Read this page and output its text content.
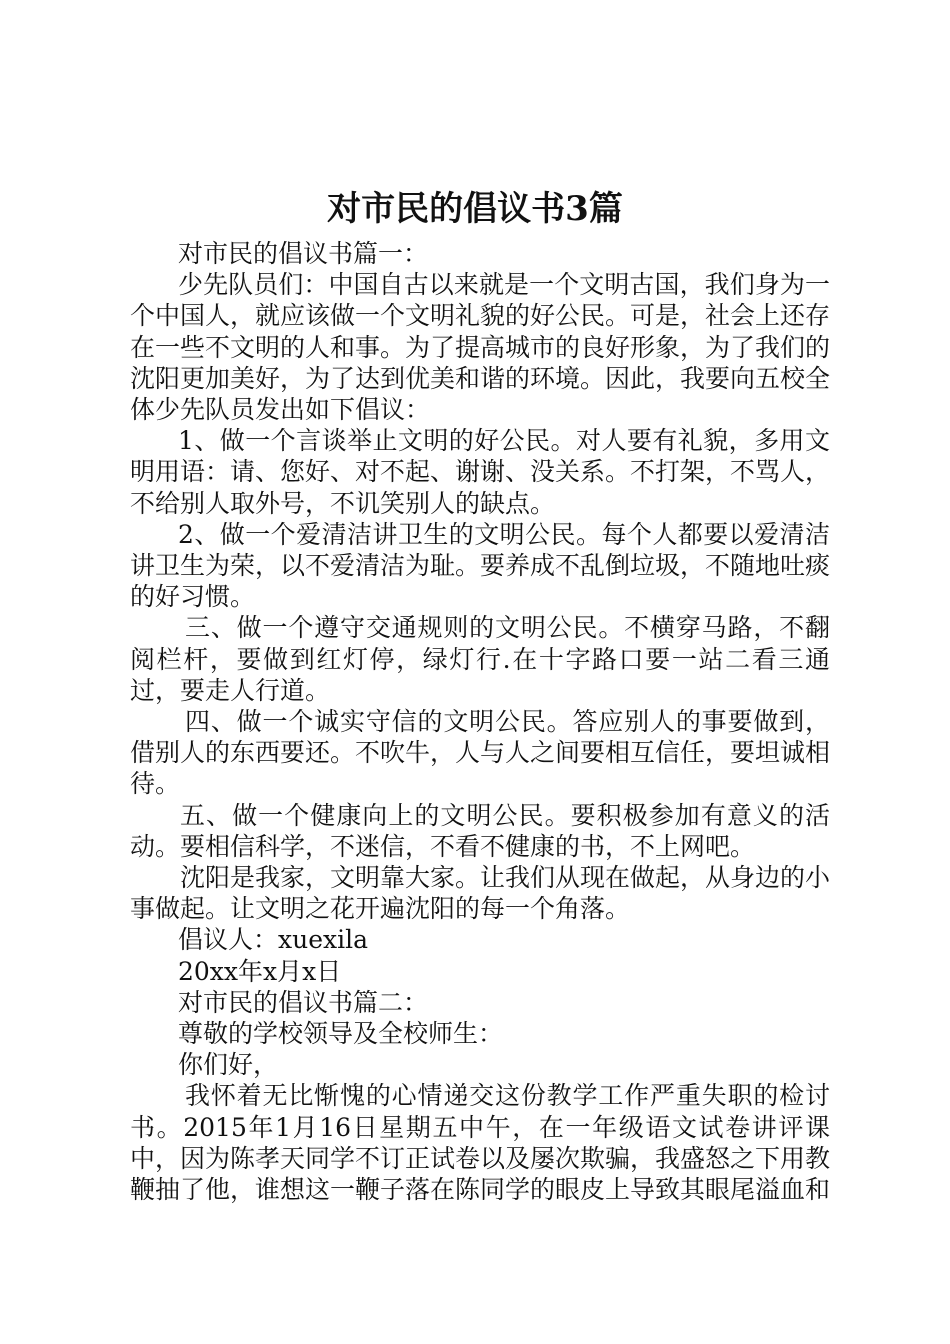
对市民的倡议书3篇

对市民的倡议书篇一：

少先队员们：中国自古以来就是一个文明古国，我们身为一个中国人，就应该做一个文明礼貌的好公民。可是，社会上还存在一些不文明的人和事。为了提高城市的良好形象，为了我们的沈阳更加美好，为了达到优美和谐的环境。因此，我要向五校全体少先队员发出如下倡议：

1、做一个言谈举止文明的好公民。对人要有礼貌，多用文明用语：请、您好、对不起、谢谢、没关系。不打架，不骂人，不给别人取外号，不讥笑别人的缺点。

2、做一个爱清洁讲卫生的文明公民。每个人都要以爱清洁讲卫生为荣，以不爱清洁为耻。要养成不乱倒垃圾，不随地吐痰的好习惯。

三、做一个遵守交通规则的文明公民。不横穿马路，不翻阅栏杆，要做到红灯停，绿灯行.在十字路口要一站二看三通过，要走人行道。

四、做一个诚实守信的文明公民。答应别人的事要做到，借别人的东西要还。不吹牛，人与人之间要相互信任，要坦诚相待。

五、做一个健康向上的文明公民。要积极参加有意义的活动。要相信科学，不迷信，不看不健康的书，不上网吧。

沈阳是我家，文明靠大家。让我们从现在做起，从身边的小事做起。让文明之花开遍沈阳的每一个角落。

倡议人：xuexila

20xx年x月x日

对市民的倡议书篇二：

尊敬的学校领导及全校师生：

你们好，

我怀着无比惭愧的心情递交这份教学工作严重失职的检讨书。2015年1月16日星期五中午，在一年级语文试卷讲评课中，因为陈孝天同学不订正试卷以及屡次欺骗，我盛怒之下用教鞭抽了他，谁想这一鞭子落在陈同学的眼皮上导致其眼尾溢血和
